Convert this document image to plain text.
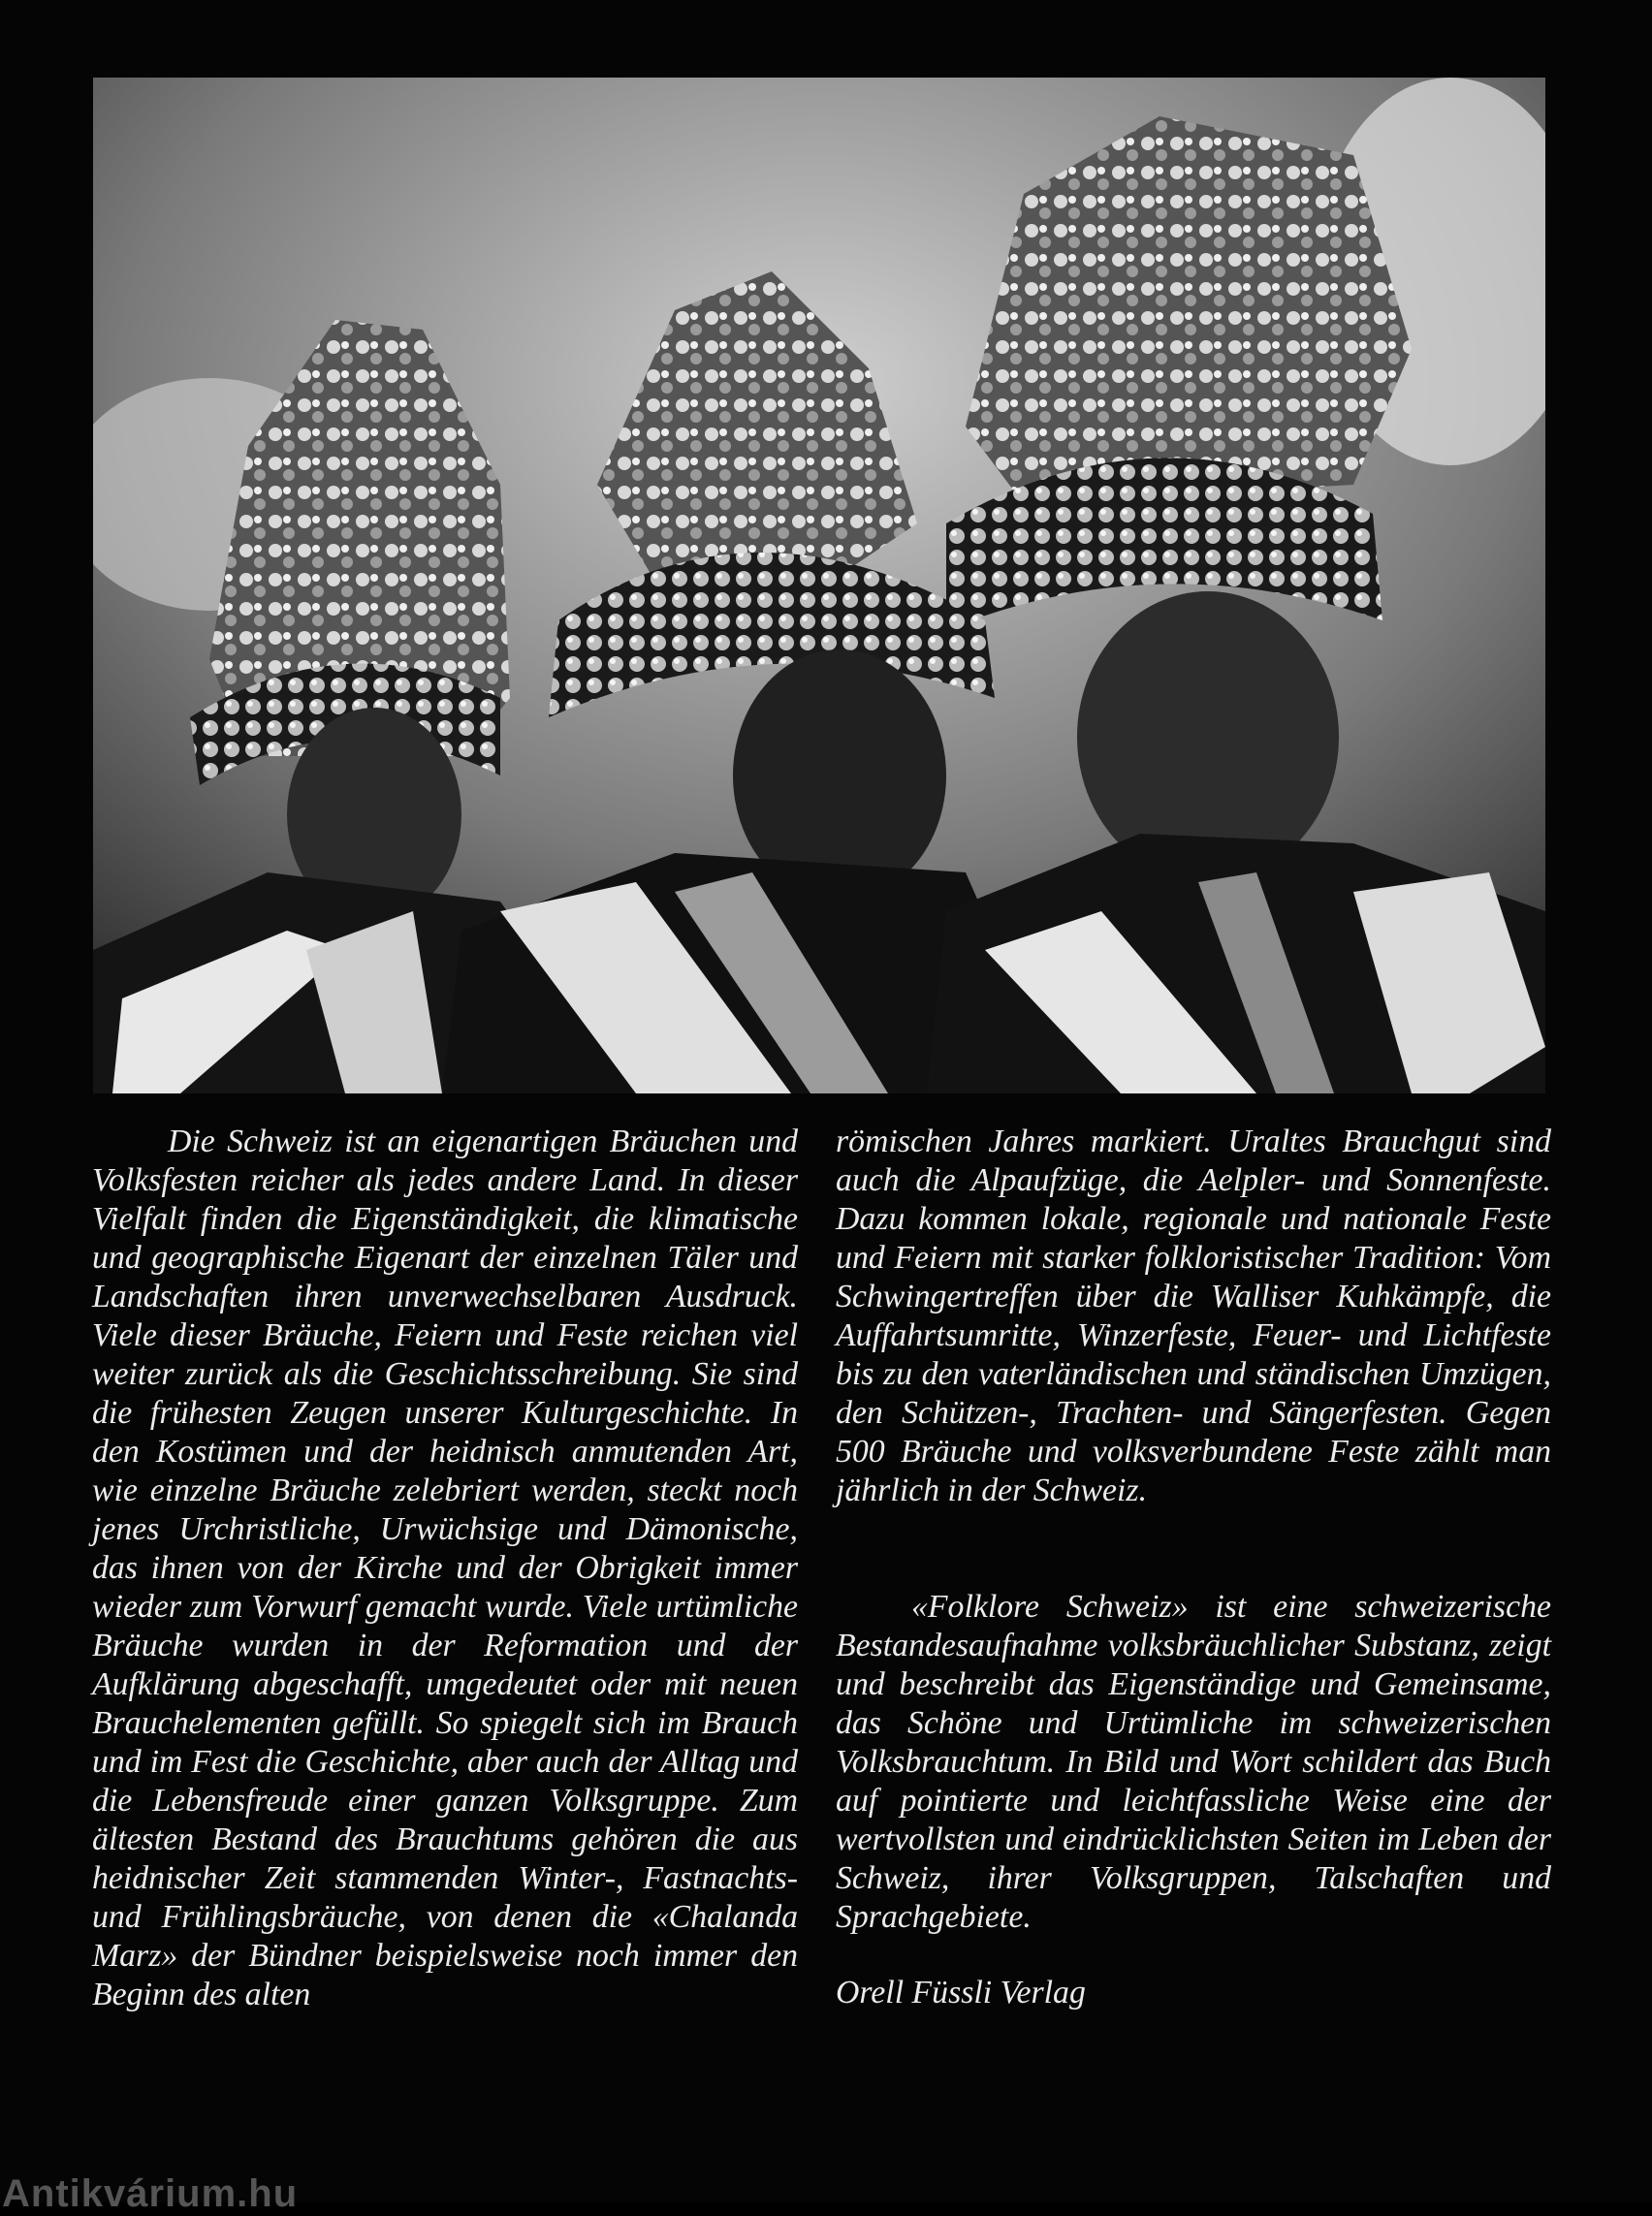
Die Schweiz ist an eigenartigen Bräuchen und Volksfesten reicher als jedes andere Land. In dieser Vielfalt finden die Eigenständigkeit, die klimatische und geographische Eigenart der einzelnen Täler und Landschaften ihren unverwechselbaren Ausdruck. Viele dieser Bräuche, Feiern und Feste reichen viel weiter zurück als die Geschichtsschreibung. Sie sind die frühesten Zeugen unserer Kulturgeschichte. In den Kostümen und der heidnisch anmutenden Art, wie einzelne Bräuche zelebriert werden, steckt noch jenes Urchristliche, Urwüchsige und Dämonische, das ihnen von der Kirche und der Obrigkeit immer wieder zum Vorwurf gemacht wurde. Viele urtümliche Bräuche wurden in der Reformation und der Aufklärung abgeschafft, umgedeutet oder mit neuen Brauchelementen gefüllt. So spiegelt sich im Brauch und im Fest die Geschichte, aber auch der Alltag und die Lebensfreude einer ganzen Volksgruppe. Zum ältesten Bestand des Brauchtums gehören die aus heidnischer Zeit stammenden Winter-, Fastnachts- und Frühlingsbräuche, von denen die «Chalanda Marz» der Bündner beispielsweise noch immer den Beginn des alten

römischen Jahres markiert. Uraltes Brauchgut sind auch die Alpaufzüge, die Aelpler- und Sonnenfeste. Dazu kommen lokale, regionale und nationale Feste und Feiern mit starker folkloristischer Tradition: Vom Schwingertreffen über die Walliser Kuhkämpfe, die Auffahrtsumritte, Winzerfeste, Feuer- und Lichtfeste bis zu den vaterländischen und ständischen Umzügen, den Schützen-, Trachten- und Sängerfesten. Gegen 500 Bräuche und volksverbundene Feste zählt man jährlich in der Schweiz.

«Folklore Schweiz» ist eine schweizerische Bestandesaufnahme volksbräuchlicher Substanz, zeigt und beschreibt das Eigenständige und Gemeinsame, das Schöne und Urtümliche im schweizerischen Volksbrauchtum. In Bild und Wort schildert das Buch auf pointierte und leichtfassliche Weise eine der wertvollsten und eindrücklichsten Seiten im Leben der Schweiz, ihrer Volksgruppen, Talschaften und Sprachgebiete.

Orell Füssli Verlag

Antikvárium.hu
